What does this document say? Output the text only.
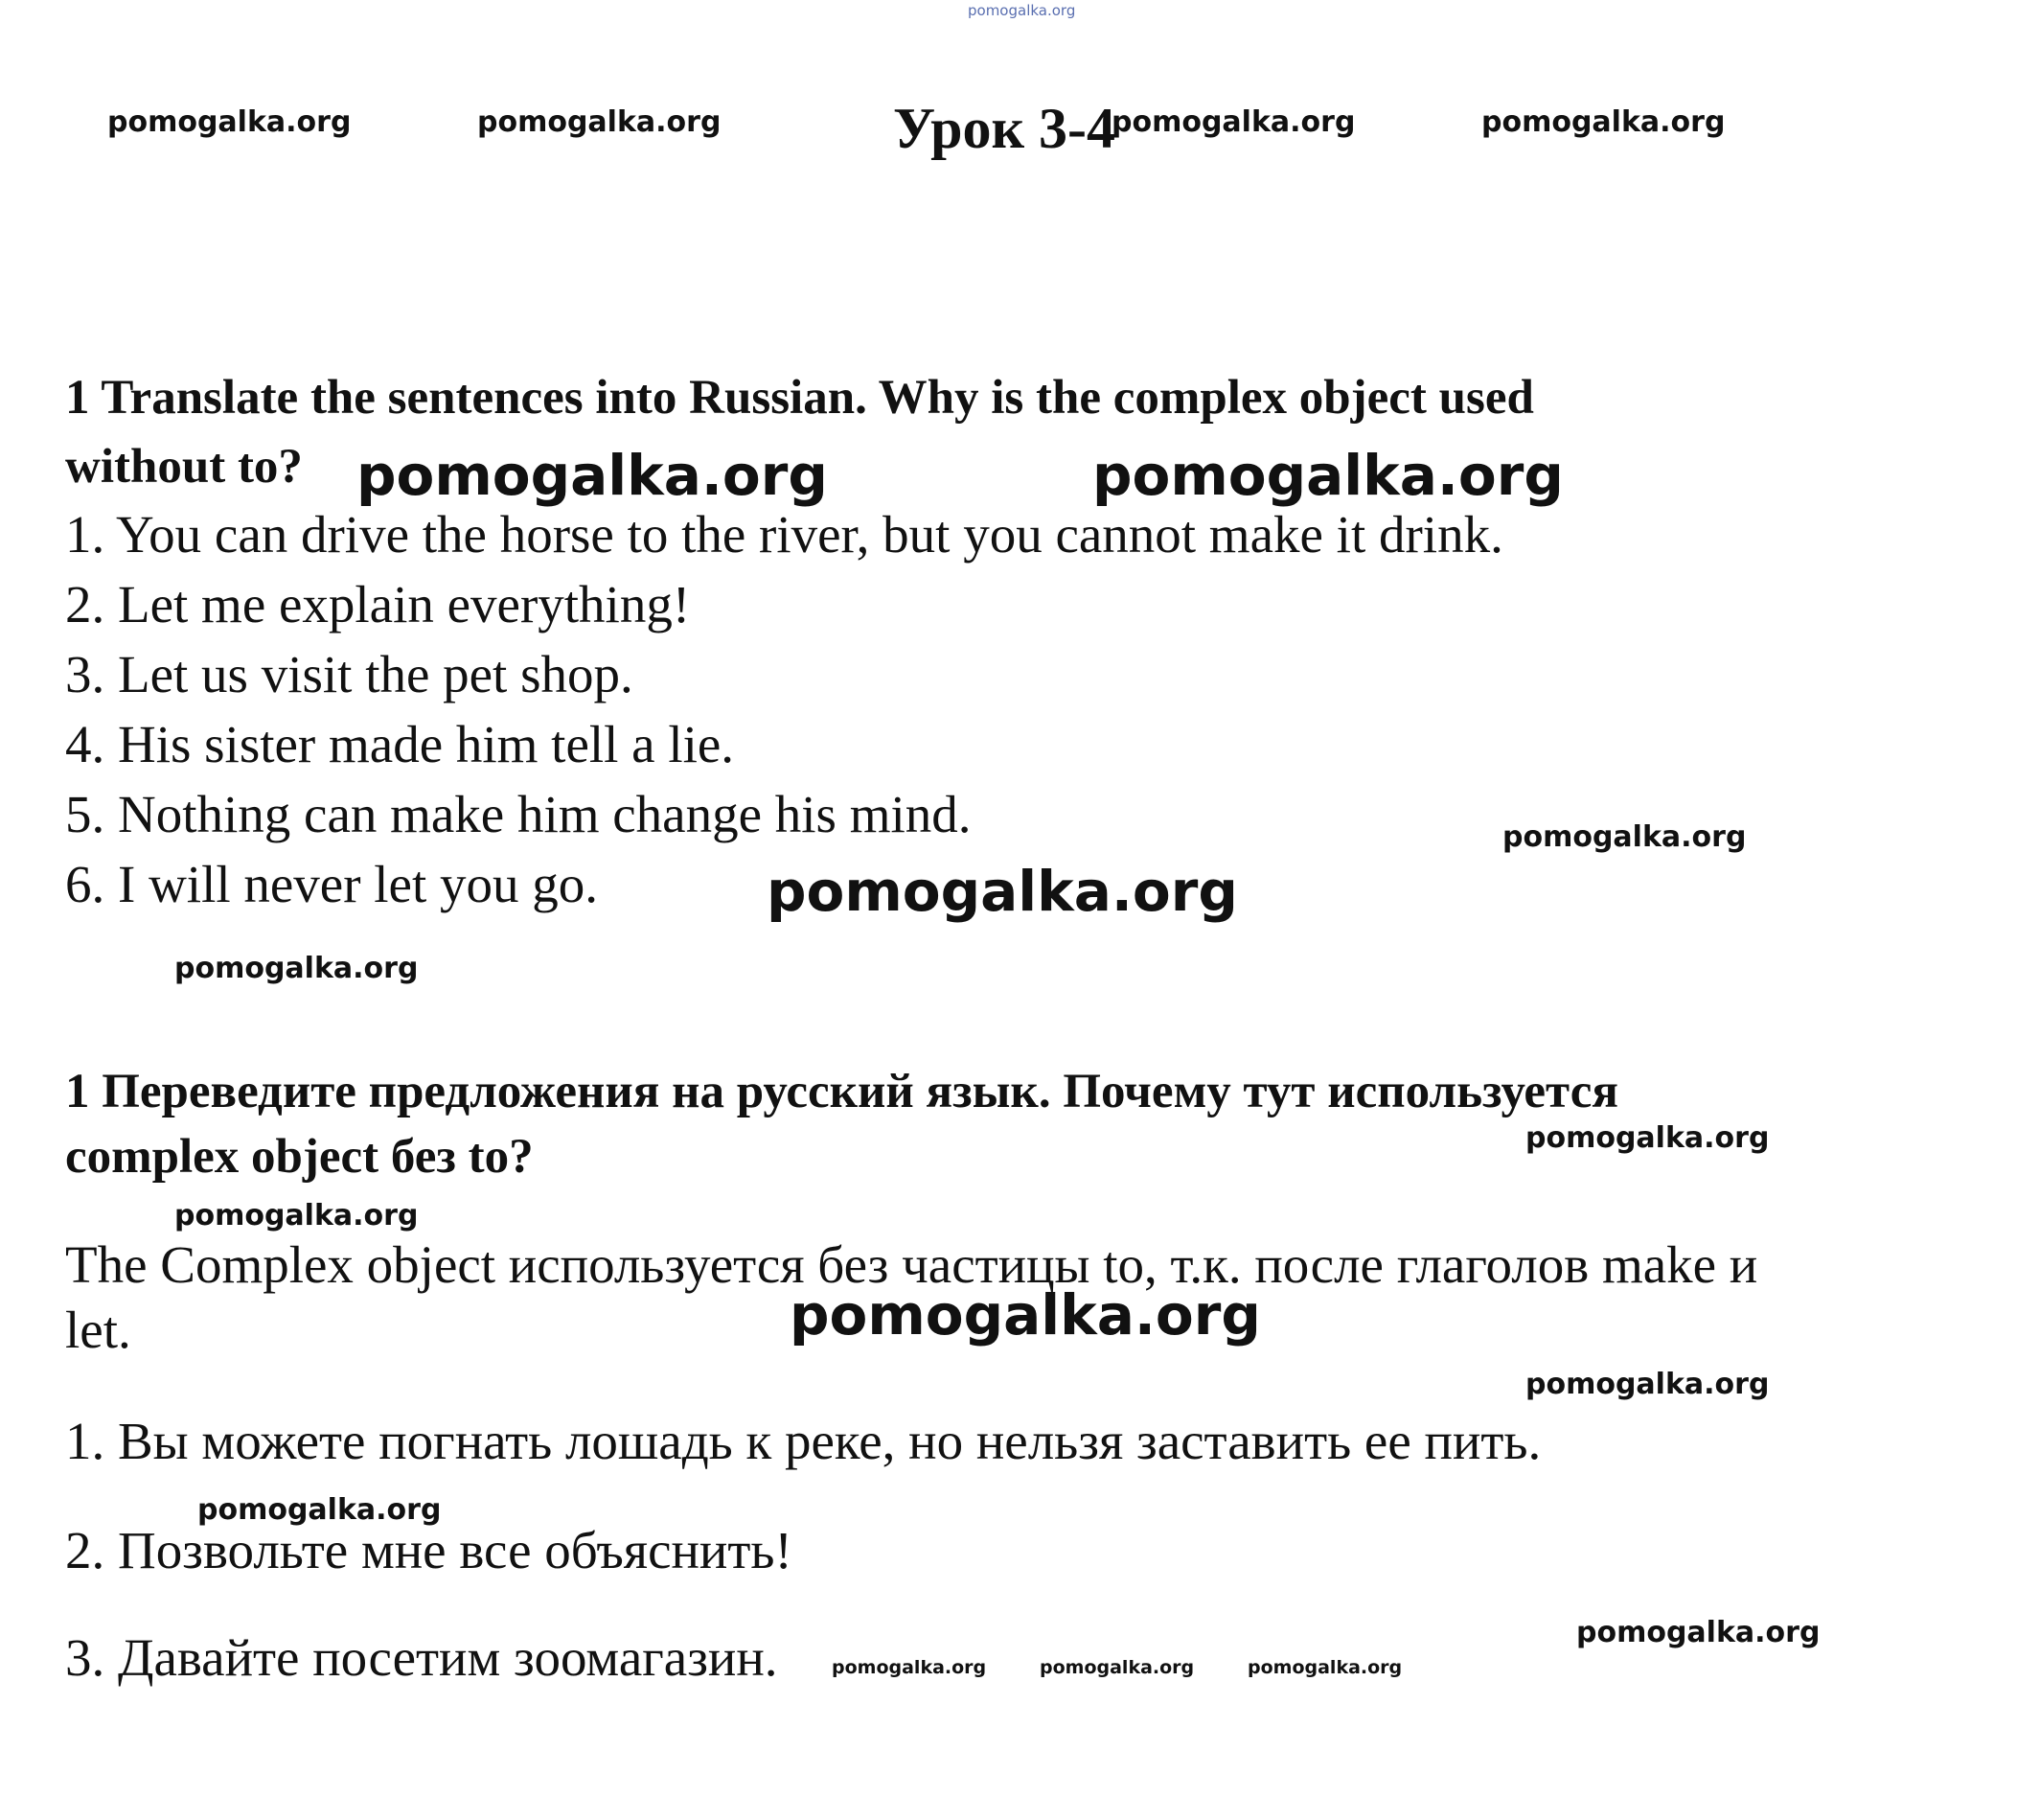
pomogalka.org
pomogalka.org	pomogalka.org	Урок 3-4
pomogalka.org	pomogalka.org
1 Translate the sentences into Russian. Why is the complex object used
without to? pomogalka.org	pomogalka.org
1. You can drive the horse to the river, but you cannot make it drink.
2. Let me explain everything!
3. Let us visit the pet shop.
4. His sister made him tell a lie.
5. Nothing can make him change his mind.	pomogalka.org
6. I will never let you go.	pomogalka.org
pomogalka.org
1 Переведите предложения на русский язык. Почему тут используется
complex object без to?	pomogalka.org
pomogalka.org
The Complex object используется без частицы to, т.к. после глаголов make и
pomogalka.org
let.
pomogalka.org
1. Вы можете погнать лошадь к реке, но нельзя заставить ее пить.
pomogalka.org
2. Позвольте мне все объяснить!
pomogalka.org
3. Давайте посетим зоомагазин.	pomogalka.org	pomogalka.org	pomogalka.org
